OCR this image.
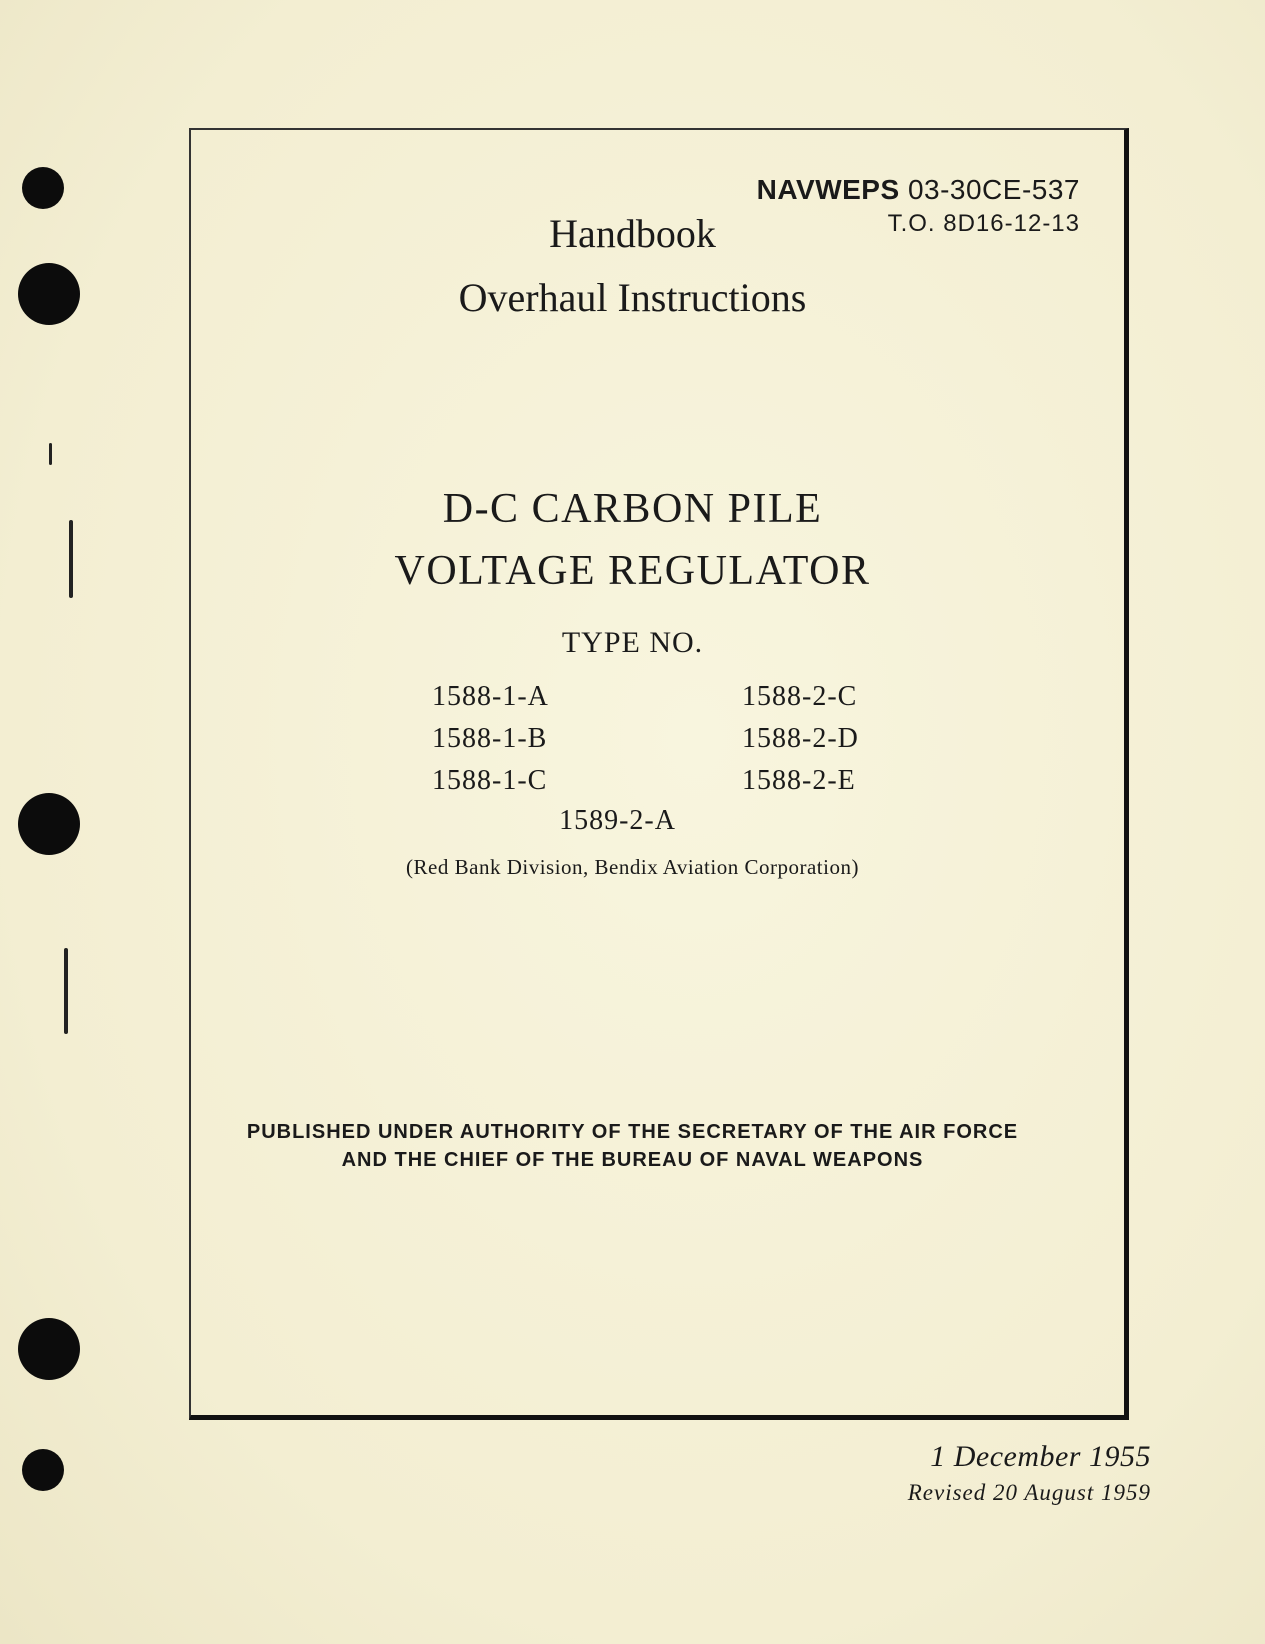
NAVWEPS 03-30CE-537
T.O. 8D16-12-13
Handbook
Overhaul Instructions
D-C CARBON PILE
VOLTAGE REGULATOR
TYPE NO.
1588-1-A	1588-2-C
1588-1-B	1588-2-D
1588-1-C	1588-2-E
1589-2-A
(Red Bank Division, Bendix Aviation Corporation)
PUBLISHED UNDER AUTHORITY OF THE SECRETARY OF THE AIR FORCE
AND THE CHIEF OF THE BUREAU OF NAVAL WEAPONS
1 December 1955
Revised 20 August 1959
